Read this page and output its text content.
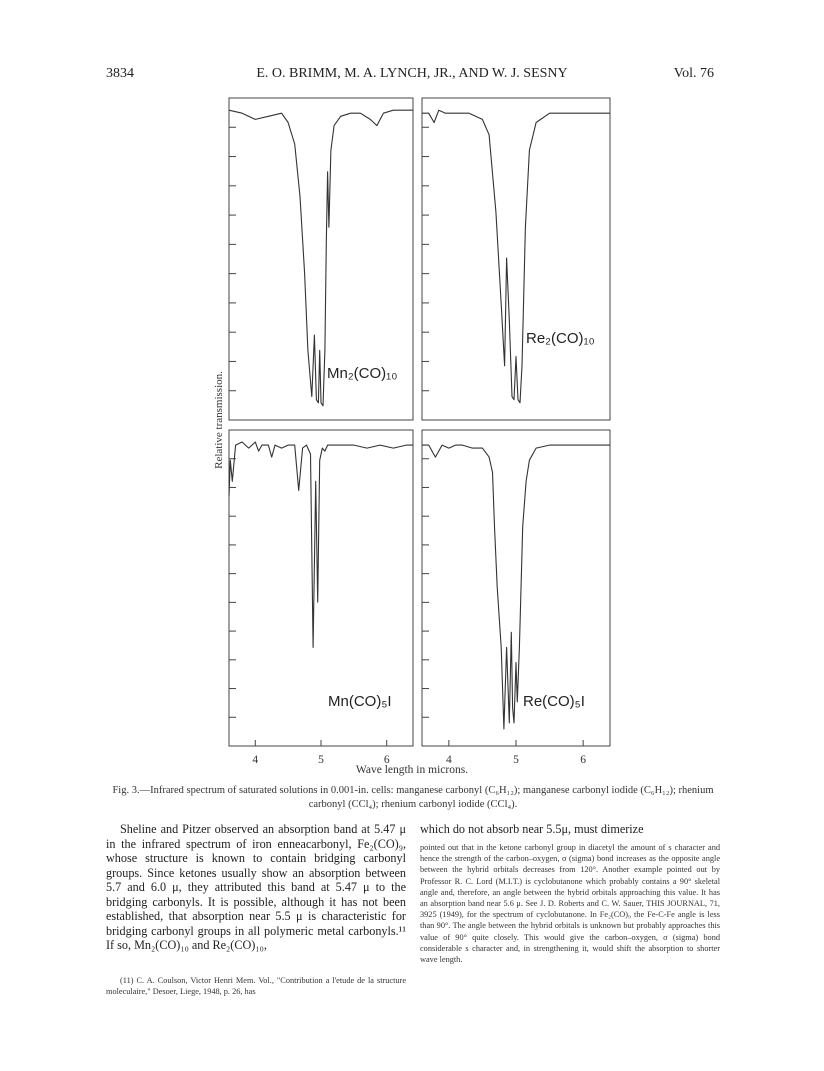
3834	E. O. BRIMM, M. A. LYNCH, JR., AND W. J. SESNY	Vol. 76
Relative transmission.
Wave length in microns.
Mn₂(CO)₁₀
Re₂(CO)₁₀
4	5	6
Mn(CO)₅I
4	5	6
Re(CO)₅I
Fig. 3.—Infrared spectrum of saturated solutions in 0.001-in. cells: manganese carbonyl (C₆H₁₂); manganese carbonyl iodide (C₆H₁₂); rhenium carbonyl (CCl₄); rhenium carbonyl iodide (CCl₄).

Sheline and Pitzer observed an absorption band at 5.47 μ in the infrared spectrum of iron enneacarbonyl, Fe₂(CO)₉, whose structure is known to contain bridging carbonyl groups. Since ketones usually show an absorption between 5.7 and 6.0 μ, they attributed this band at 5.47 μ to the bridging carbonyls. It is possible, although it has not been established, that absorption near 5.5 μ is characteristic for bridging carbonyl groups in all polymeric metal carbonyls.¹¹ If so, Mn₂(CO)₁₀ and Re₂(CO)₁₀,

(11) C. A. Coulson, Victor Henri Mem. Vol., "Contribution a l'etude de la structure moleculaire," Desoer, Liege, 1948, p. 26, has

which do not absorb near 5.5μ, must dimerize

pointed out that in the ketone carbonyl group in diacetyl the amount of s character and hence the strength of the carbon–oxygen, σ (sigma) bond increases as the opposite angle between the hybrid orbitals decreases from 120°. Another example pointed out by Professor R. C. Lord (M.I.T.) is cyclobutanone which probably contains a 90° skeletal angle and, therefore, an angle between the hybrid orbitals approaching this value. It has an absorption band near 5.6 μ. See J. D. Roberts and C. W. Sauer, THIS JOURNAL, 71, 3925 (1949), for the spectrum of cyclobutanone. In Fe₂(CO)₉ the Fe-C-Fe angle is less than 90°. The angle between the hybrid orbitals is unknown but probably approaches this value of 90° quite closely. This would give the carbon–oxygen, σ (sigma) bond considerable s character and, in strengthening it, would shift the absorption to shorter wave length.
